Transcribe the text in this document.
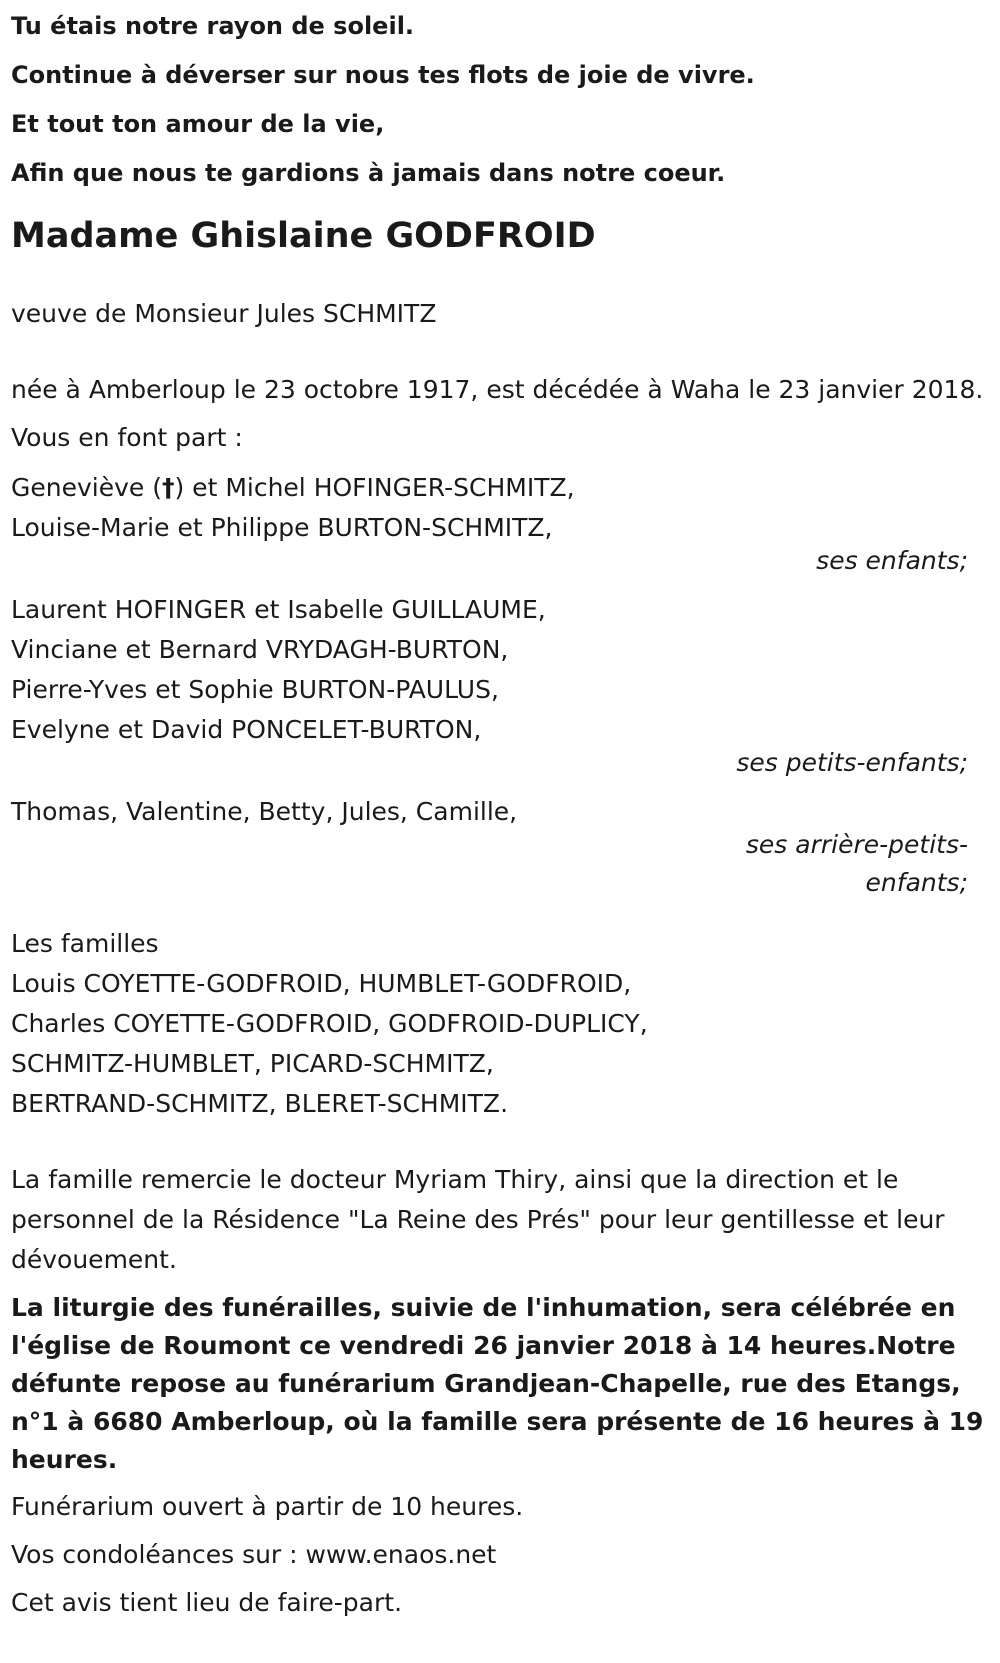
Tu étais notre rayon de soleil.

Continue à déverser sur nous tes flots de joie de vivre.

Et tout ton amour de la vie,

Afin que nous te gardions à jamais dans notre coeur.

Madame Ghislaine GODFROID

veuve de Monsieur Jules SCHMITZ

née à Amberloup le 23 octobre 1917, est décédée à Waha le 23 janvier 2018.

Vous en font part :

Geneviève (†) et Michel HOFINGER-SCHMITZ,
Louise-Marie et Philippe BURTON-SCHMITZ,
ses enfants;
Laurent HOFINGER et Isabelle GUILLAUME,
Vinciane et Bernard VRYDAGH-BURTON,
Pierre-Yves et Sophie BURTON-PAULUS,
Evelyne et David PONCELET-BURTON,
ses petits-enfants;
Thomas, Valentine, Betty, Jules, Camille,
ses arrière-petits-
enfants;
Les familles
Louis COYETTE-GODFROID, HUMBLET-GODFROID,
Charles COYETTE-GODFROID, GODFROID-DUPLICY,
SCHMITZ-HUMBLET, PICARD-SCHMITZ,
BERTRAND-SCHMITZ, BLERET-SCHMITZ.

La famille remercie le docteur Myriam Thiry, ainsi que la direction et le personnel de la Résidence "La Reine des Prés" pour leur gentillesse et leur dévouement.

La liturgie des funérailles, suivie de l'inhumation, sera célébrée en l'église de Roumont ce vendredi 26 janvier 2018 à 14 heures.Notre défunte repose au funérarium Grandjean-Chapelle, rue des Etangs, n°1 à 6680 Amberloup, où la famille sera présente de 16 heures à 19 heures.

Funérarium ouvert à partir de 10 heures.

Vos condoléances sur : www.enaos.net

Cet avis tient lieu de faire-part.
